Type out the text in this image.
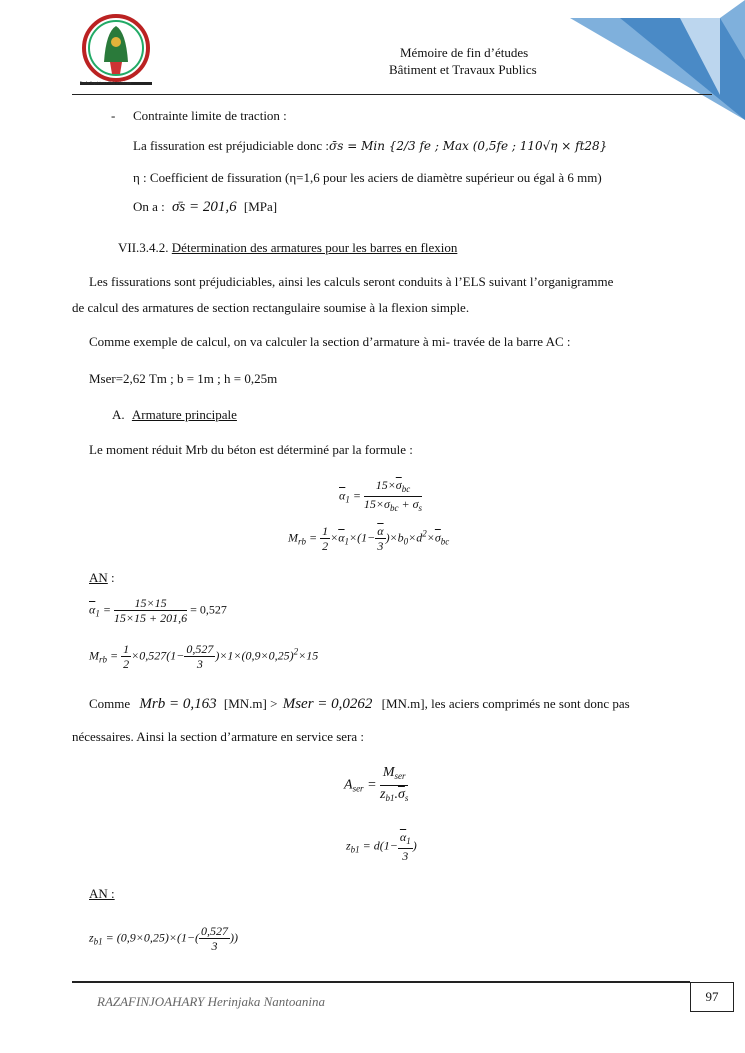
Ecole Supérieure Polytechnique
Mémoire de fin d’études
Bâtiment et Travaux Publics
- Contrainte limite de traction :
La fissuration est préjudiciable donc :σ̄s = Min {2/3 fe ; Max (0,5fe ; 110√η × ft28}
η : Coefficient de fissuration (η=1,6 pour les aciers de diamètre supérieur ou égal à 6 mm)
On a : σ̄s = 201,6 [MPa]
VII.3.4.2. Détermination des armatures pour les barres en flexion

Les fissurations sont préjudiciables, ainsi les calculs seront conduits à l’ELS suivant l’organigramme

de calcul des armatures de section rectangulaire soumise à la flexion simple.

Comme exemple de calcul, on va calculer la section d’armature à mi- travée de la barre AC :

Mser=2,62 Tm ; b = 1m ; h = 0,25m

A. Armature principale

Le moment réduit Mrb du béton est déterminé par la formule :

$\overline{\alpha}_1 = \frac{15\times\overline{\sigma}_{bc}}{15\times\overline{\sigma}_{bc} + \overline{\sigma}_s}$
$M_{rb} = \frac{1}{2} \times\overline{\alpha}_1\times(1- \frac{\overline{\alpha}}{3} )\times b_0\times d^2\times\overline{\sigma}_{bc}$
AN :
$\overline{\alpha}_1 = \frac{15\times 15}{15\times 15 + 201,6} = 0,527$
$M_{rb} = \frac{1}{2} \times 0,527(1- \frac{0,527}{3} )\times 1\times(0,9\times 0,25)^2\times 15$
Comme Mrb = 0,163 [MN.m] > Mser = 0,0262 [MN.m], les aciers comprimés ne sont donc pas

nécessaires. Ainsi la section d’armature en service sera :

$A_{ser} = \frac{M_{ser}}{z_{b1}.\overline{\sigma}_s}$
$z_{b1} = d(1- \frac{\overline{\alpha}_1}{3}$ )
AN :
$z_{b1} = (0,9\times 0,25)\times(1-( \frac{0,527}{3}$ ))
RAZAFINJOAHARY Herinjaka Nantoanina	97
